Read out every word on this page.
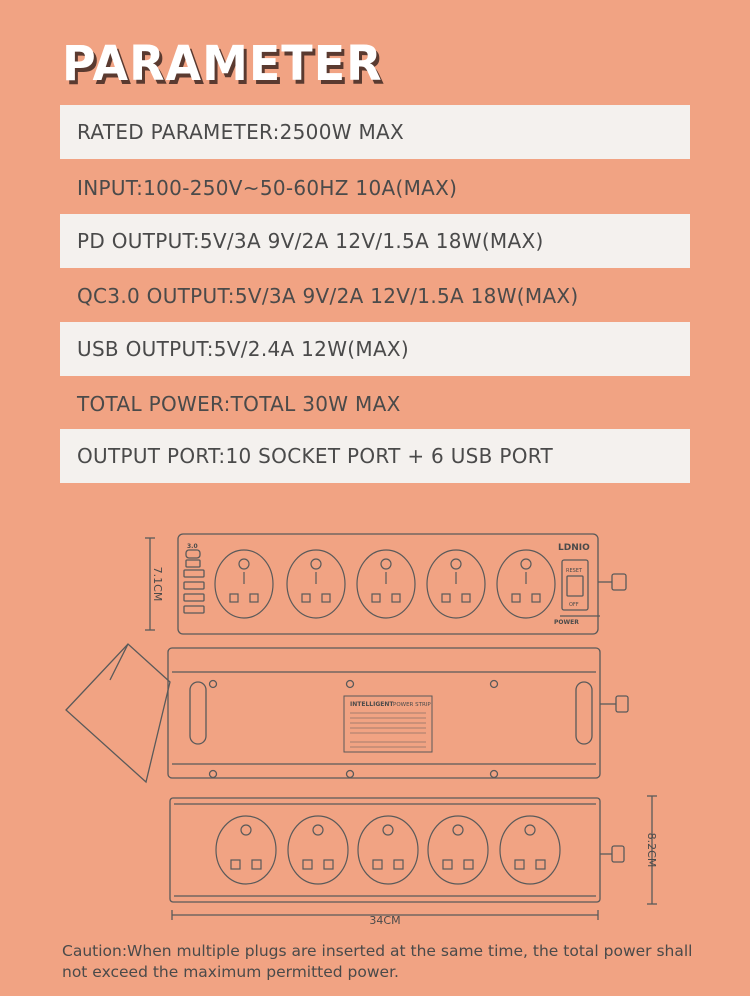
PARAMETER
RATED PARAMETER:2500W MAX
INPUT:100-250V~50-60HZ 10A(MAX)
PD OUTPUT:5V/3A 9V/2A 12V/1.5A 18W(MAX)
QC3.0 OUTPUT:5V/3A 9V/2A 12V/1.5A 18W(MAX)
USB OUTPUT:5V/2.4A 12W(MAX)
TOTAL POWER:TOTAL 30W MAX
OUTPUT PORT:10 SOCKET PORT + 6 USB PORT
7.1CM
8.2CM
34CM
LDNIO
POWER
RESET
OFF
3.0
INTELLIGENT POWER STRIP
Caution:When multiple plugs are inserted at the same time, the total power shall not exceed the maximum permitted power.
